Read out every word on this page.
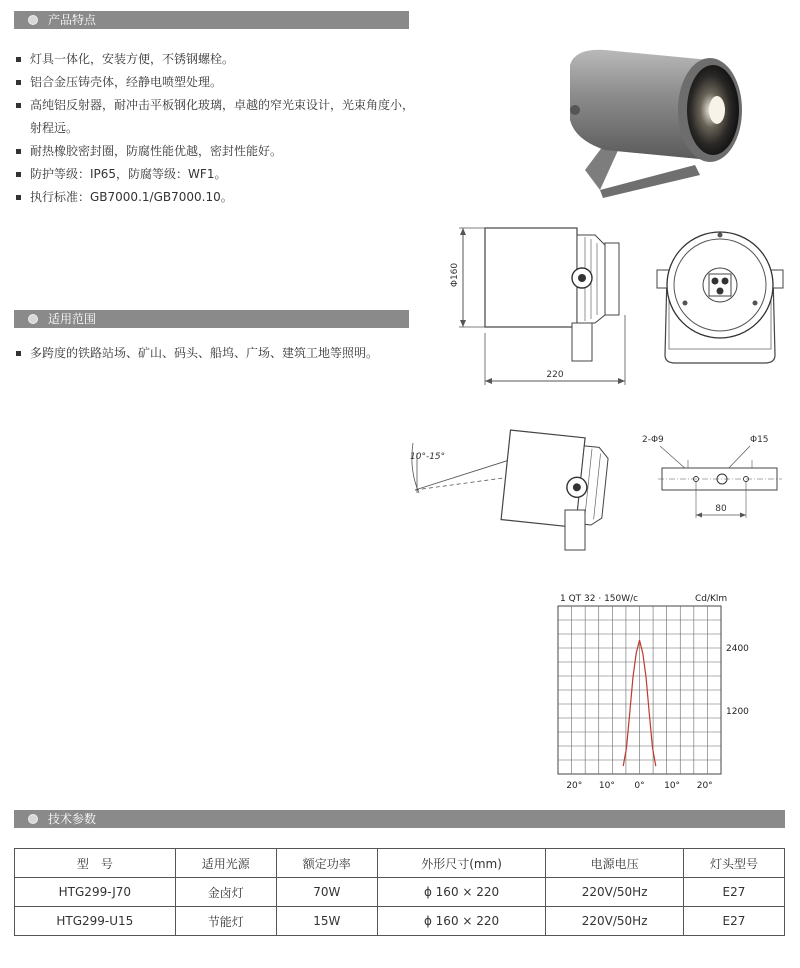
产品特点
灯具一体化，安装方便，不锈钢螺栓。
铝合金压铸壳体，经静电喷塑处理。
高纯铝反射器，耐冲击平板钢化玻璃，卓越的窄光束设计，光束角度小，射程远。
耐热橡胶密封圈，防腐性能优越，密封性能好。
防护等级：IP65，防腐等级：WF1。
执行标准：GB7000.1/GB7000.10。
适用范围
多跨度的铁路站场、矿山、码头、船坞、广场、建筑工地等照明。
Φ160
220
10°-15°
2-Φ9	Φ15
80
1 QT 32 · 150W/c	Cd/Klm
2400
1200
20° 10° 0° 10° 20°
技术参数
型　号	适用光源	额定功率	外形尺寸(mm)	电源电压	灯头型号
HTG299-J70	金卤灯	70W	ϕ 160 × 220	220V/50Hz	E27
HTG299-U15	节能灯	15W	ϕ 160 × 220	220V/50Hz	E27
